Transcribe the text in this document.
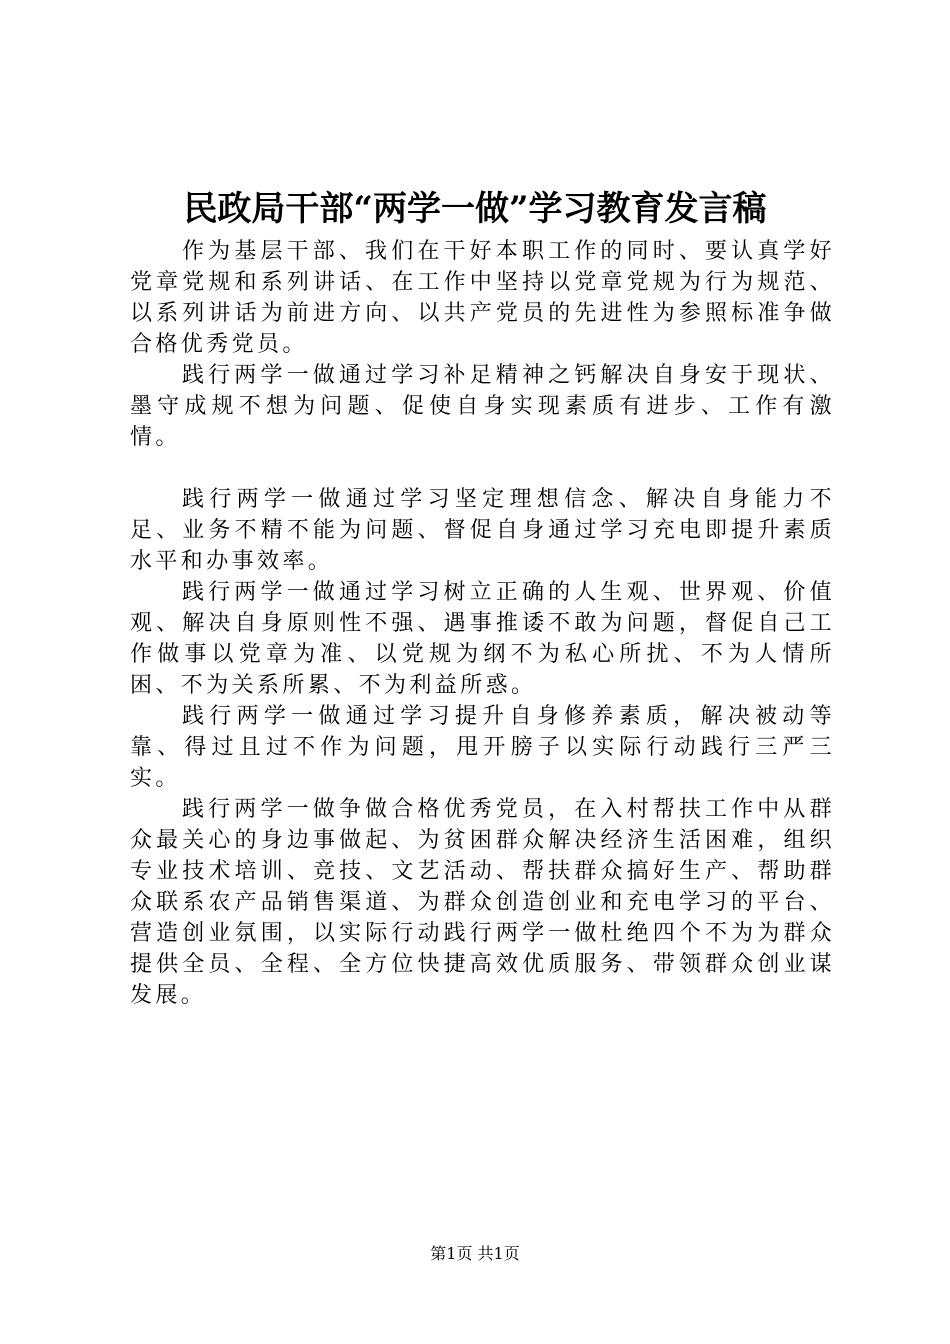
民政局干部“两学一做”学习教育发言稿

作为基层干部、我们在干好本职工作的同时、要认真学好党章党规和系列讲话、在工作中坚持以党章党规为行为规范、以系列讲话为前进方向、以共产党员的先进性为参照标准争做合格优秀党员。

践行两学一做通过学习补足精神之钙解决自身安于现状、墨守成规不想为问题、促使自身实现素质有进步、工作有激情。

践行两学一做通过学习坚定理想信念、解决自身能力不足、业务不精不能为问题、督促自身通过学习充电即提升素质水平和办事效率。

践行两学一做通过学习树立正确的人生观、世界观、价值观、解决自身原则性不强、遇事推诿不敢为问题，督促自己工作做事以党章为准、以党规为纲不为私心所扰、不为人情所困、不为关系所累、不为利益所惑。

践行两学一做通过学习提升自身修养素质，解决被动等靠、得过且过不作为问题，甩开膀子以实际行动践行三严三实。

践行两学一做争做合格优秀党员，在入村帮扶工作中从群众最关心的身边事做起、为贫困群众解决经济生活困难，组织专业技术培训、竞技、文艺活动、帮扶群众搞好生产、帮助群众联系农产品销售渠道、为群众创造创业和充电学习的平台、营造创业氛围，以实际行动践行两学一做杜绝四个不为为群众提供全员、全程、全方位快捷高效优质服务、带领群众创业谋发展。

第1页 共1页
